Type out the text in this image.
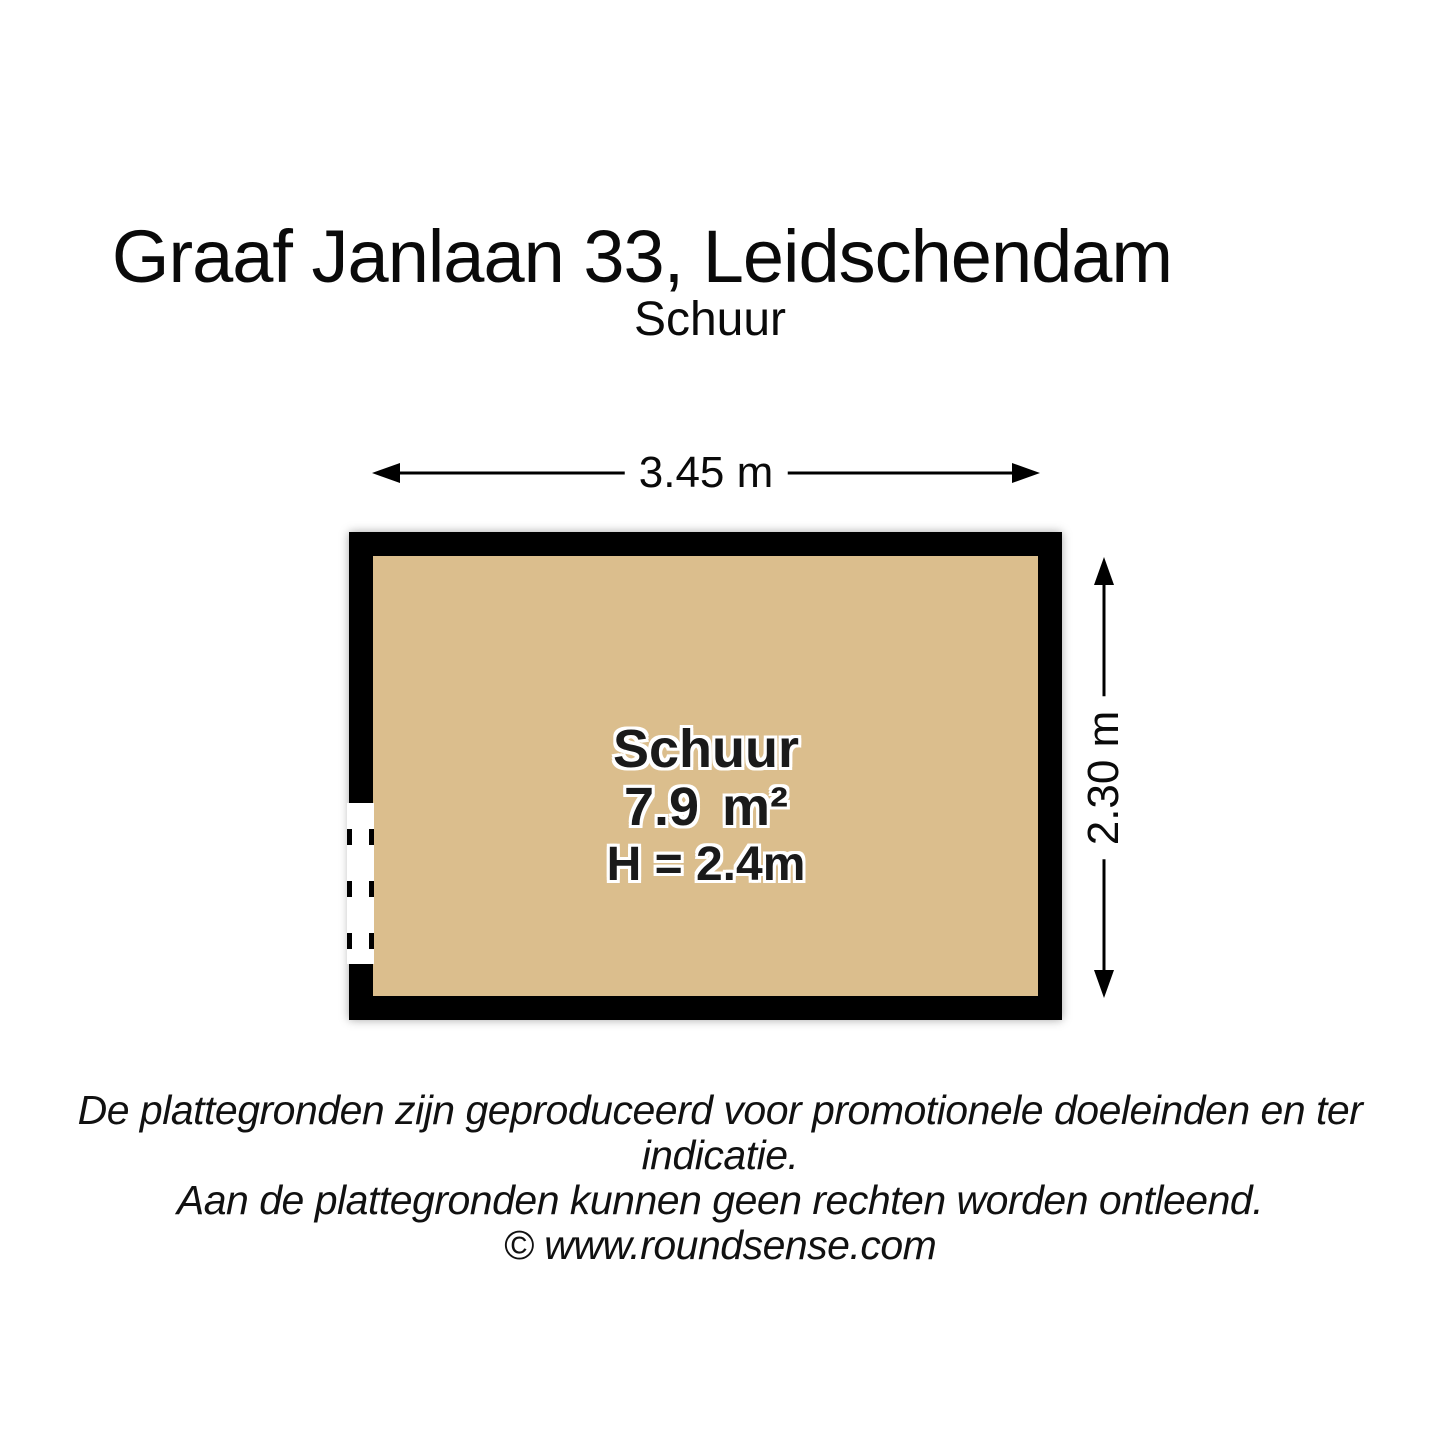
Graaf Janlaan 33, Leidschendam
Schuur
3.45 m
Schuur
7.9 m²
H = 2.4m
2.30 m
De plattegronden zijn geproduceerd voor promotionele doeleinden en ter indicatie.
Aan de plattegronden kunnen geen rechten worden ontleend.
© www.roundsense.com
